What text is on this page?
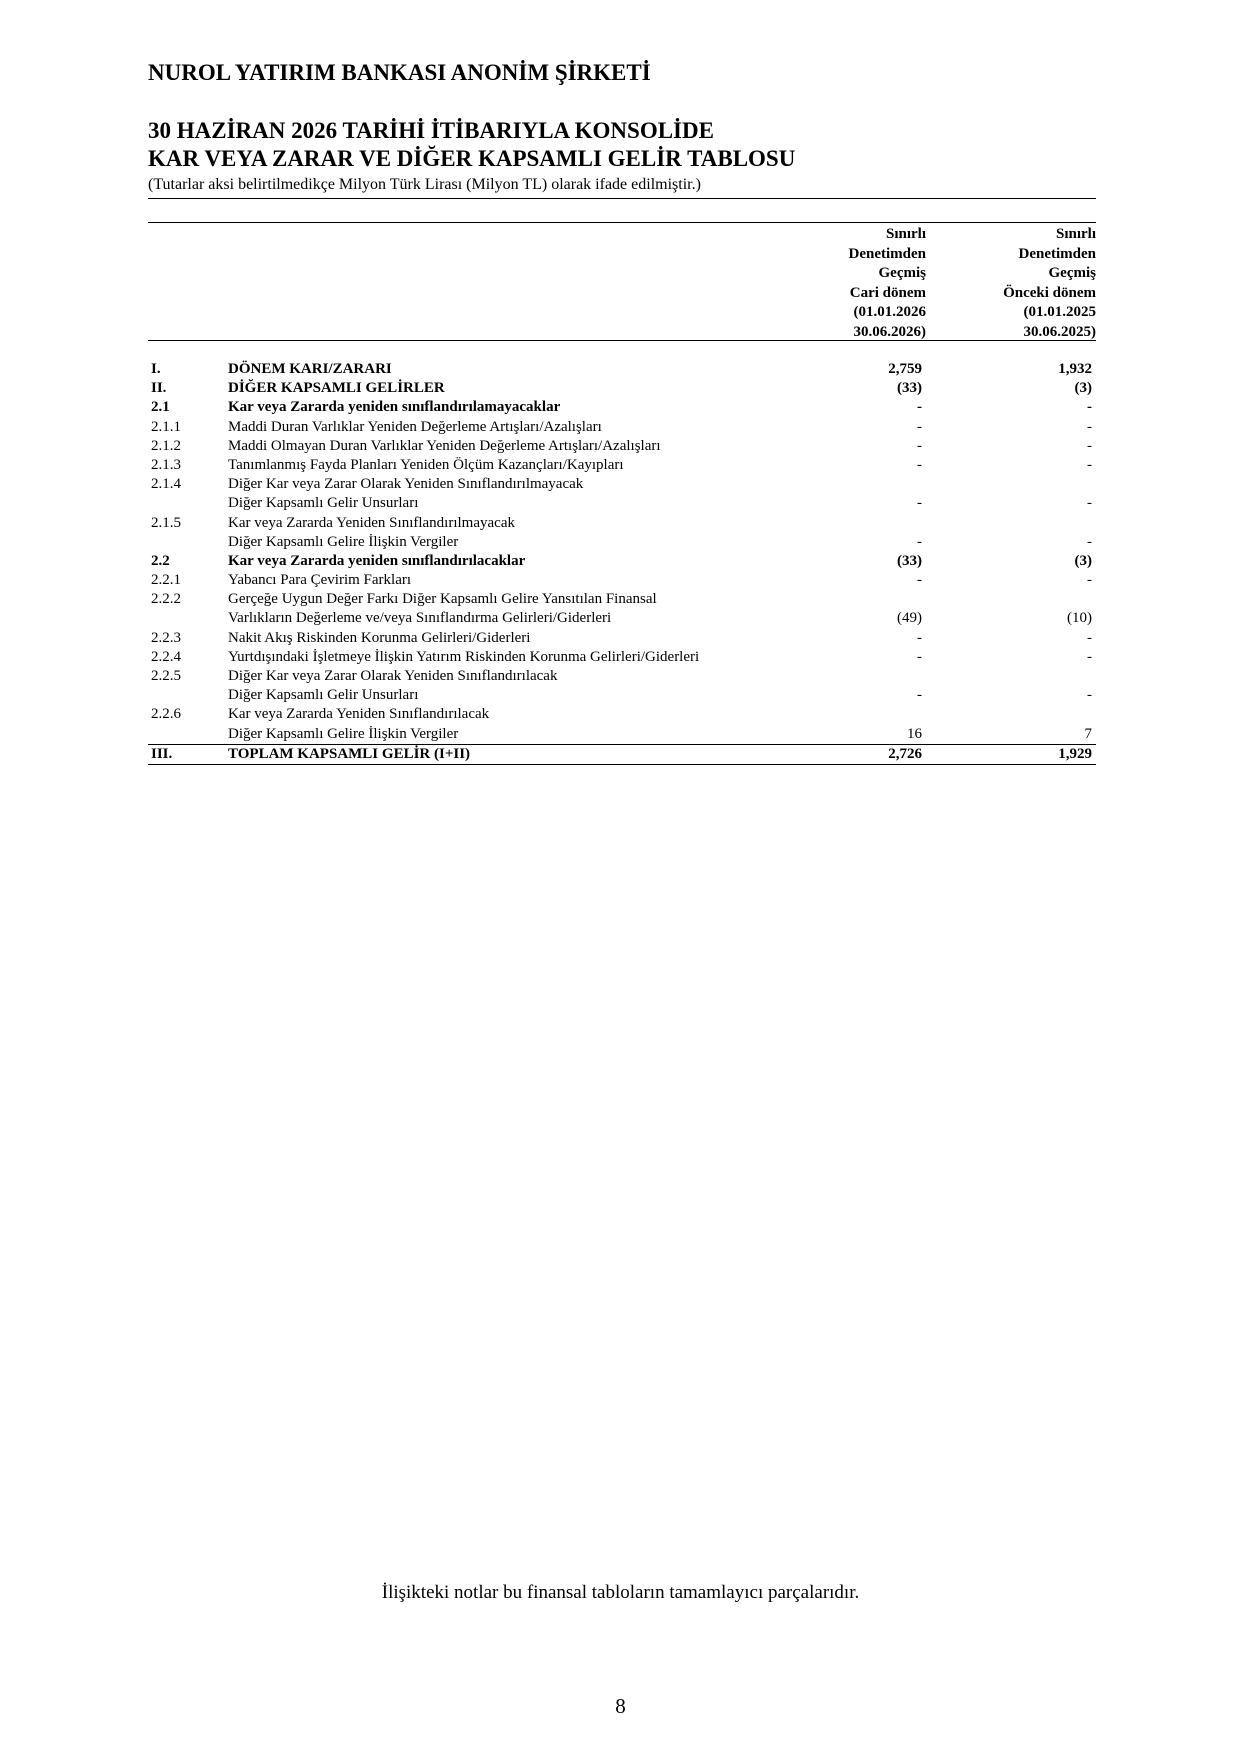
NUROL YATIRIM BANKASI ANONİM ŞİRKETİ
30 HAZİRAN 2026 TARİHİ İTİBARIYLA KONSOLİDE
KAR VEYA ZARAR VE DİĞER KAPSAMLI GELİR TABLOSU
(Tutarlar aksi belirtilmedikçe Milyon Türk Lirası (Milyon TL) olarak ifade edilmiştir.)
Sınırlı
Denetimden
Geçmiş
Cari dönem
(01.01.2026
30.06.2026)
Sınırlı
Denetimden
Geçmiş
Önceki dönem
(01.01.2025
30.06.2025)
I.	DÖNEM KARI/ZARARI	2,759	1,932
II.	DİĞER KAPSAMLI GELİRLER	(33)	(3)
2.1	Kar veya Zararda yeniden sınıflandırılamayacaklar	-	-
2.1.1	Maddi Duran Varlıklar Yeniden Değerleme Artışları/Azalışları	-	-
2.1.2	Maddi Olmayan Duran Varlıklar Yeniden Değerleme Artışları/Azalışları	-	-
2.1.3	Tanımlanmış Fayda Planları Yeniden Ölçüm Kazançları/Kayıpları	-	-
2.1.4	Diğer Kar veya Zarar Olarak Yeniden Sınıflandırılmayacak
Diğer Kapsamlı Gelir Unsurları	-	-
2.1.5	Kar veya Zararda Yeniden Sınıflandırılmayacak
Diğer Kapsamlı Gelire İlişkin Vergiler	-	-
2.2	Kar veya Zararda yeniden sınıflandırılacaklar	(33)	(3)
2.2.1	Yabancı Para Çevirim Farkları	-	-
2.2.2	Gerçeğe Uygun Değer Farkı Diğer Kapsamlı Gelire Yansıtılan Finansal
Varlıkların Değerleme ve/veya Sınıflandırma Gelirleri/Giderleri	(49)	(10)
2.2.3	Nakit Akış Riskinden Korunma Gelirleri/Giderleri	-	-
2.2.4	Yurtdışındaki İşletmeye İlişkin Yatırım Riskinden Korunma Gelirleri/Giderleri	-	-
2.2.5	Diğer Kar veya Zarar Olarak Yeniden Sınıflandırılacak
Diğer Kapsamlı Gelir Unsurları	-	-
2.2.6	Kar veya Zararda Yeniden Sınıflandırılacak
Diğer Kapsamlı Gelire İlişkin Vergiler	16	7
III.	TOPLAM KAPSAMLI GELİR (I+II)	2,726	1,929
İlişikteki notlar bu finansal tabloların tamamlayıcı parçalarıdır.
8
